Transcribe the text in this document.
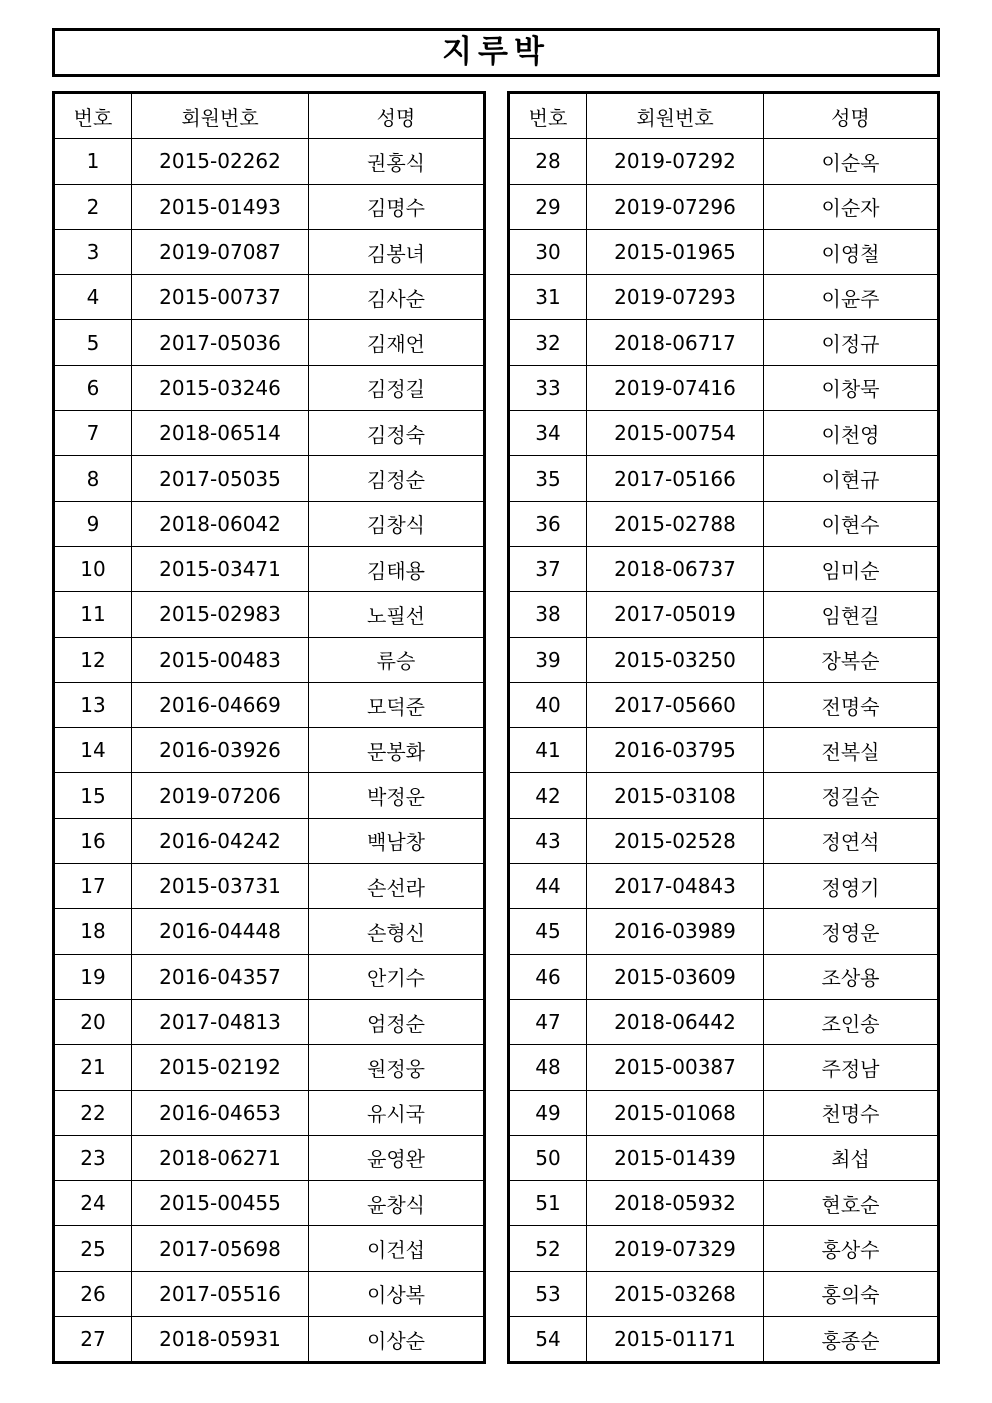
지루박
번호	회원번호	성명
1	2015-02262	권홍식
2	2015-01493	김명수
3	2019-07087	김봉녀
4	2015-00737	김사순
5	2017-05036	김재언
6	2015-03246	김정길
7	2018-06514	김정숙
8	2017-05035	김정순
9	2018-06042	김창식
10	2015-03471	김태용
11	2015-02983	노필선
12	2015-00483	류승
13	2016-04669	모덕준
14	2016-03926	문봉화
15	2019-07206	박정운
16	2016-04242	백남창
17	2015-03731	손선라
18	2016-04448	손형신
19	2016-04357	안기수
20	2017-04813	엄정순
21	2015-02192	원정웅
22	2016-04653	유시국
23	2018-06271	윤영완
24	2015-00455	윤창식
25	2017-05698	이건섭
26	2017-05516	이상복
27	2018-05931	이상순
번호	회원번호	성명
28	2019-07292	이순옥
29	2019-07296	이순자
30	2015-01965	이영철
31	2019-07293	이윤주
32	2018-06717	이정규
33	2019-07416	이창묵
34	2015-00754	이천영
35	2017-05166	이현규
36	2015-02788	이현수
37	2018-06737	임미순
38	2017-05019	임현길
39	2015-03250	장복순
40	2017-05660	전명숙
41	2016-03795	전복실
42	2015-03108	정길순
43	2015-02528	정연석
44	2017-04843	정영기
45	2016-03989	정영운
46	2015-03609	조상용
47	2018-06442	조인송
48	2015-00387	주정남
49	2015-01068	천명수
50	2015-01439	최섭
51	2018-05932	현호순
52	2019-07329	홍상수
53	2015-03268	홍의숙
54	2015-01171	홍종순
